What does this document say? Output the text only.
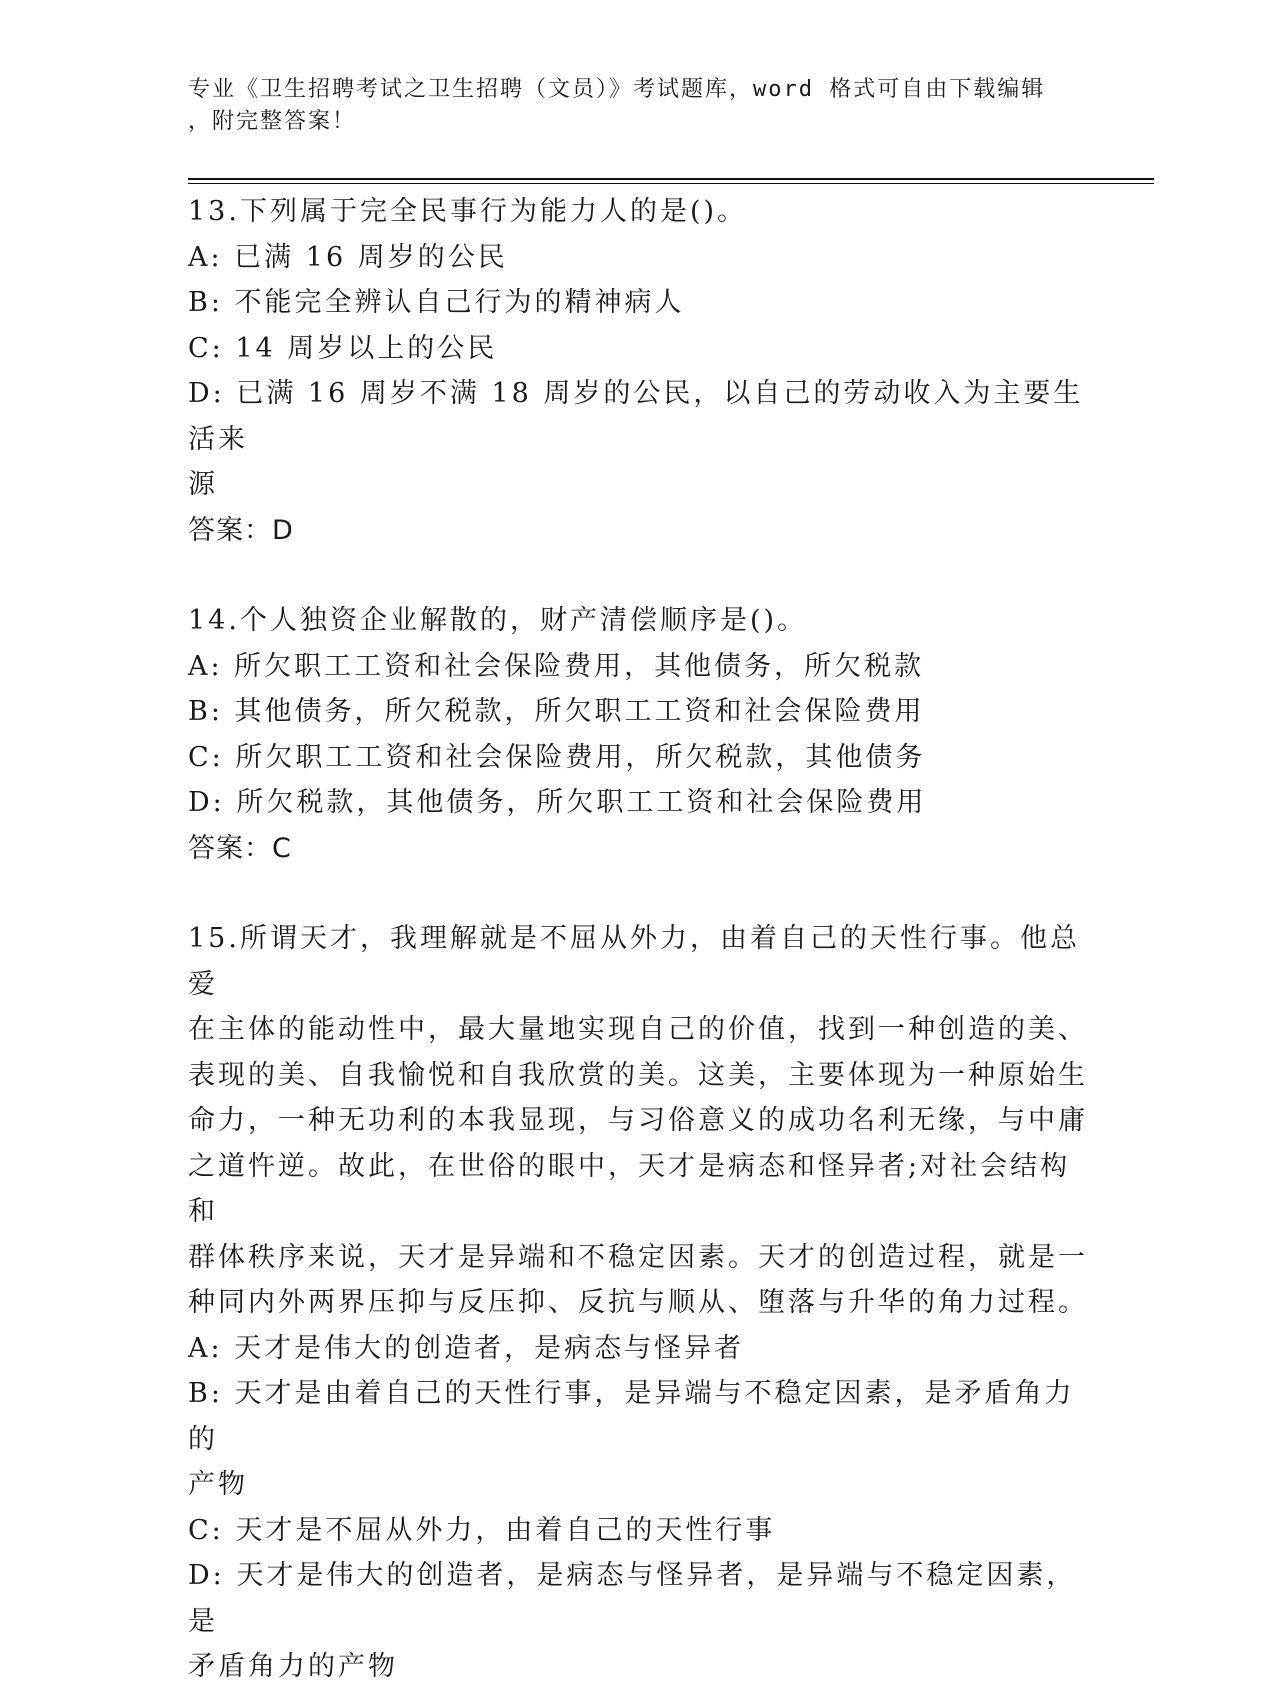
专业《卫生招聘考试之卫生招聘（文员）》考试题库，word 格式可自由下载编辑
，附完整答案！

13.下列属于完全民事行为能力人的是()。

A: 已满 16 周岁的公民

B: 不能完全辨认自己行为的精神病人

C: 14 周岁以上的公民

D: 已满 16 周岁不满 18 周岁的公民，以自己的劳动收入为主要生活来

源

答案：D

14.个人独资企业解散的，财产清偿顺序是()。

A: 所欠职工工资和社会保险费用，其他债务，所欠税款

B: 其他债务，所欠税款，所欠职工工资和社会保险费用

C: 所欠职工工资和社会保险费用，所欠税款，其他债务

D: 所欠税款，其他债务，所欠职工工资和社会保险费用

答案：C

15.所谓天才，我理解就是不屈从外力，由着自己的天性行事。他总爱

在主体的能动性中，最大量地实现自己的价值，找到一种创造的美、

表现的美、自我愉悦和自我欣赏的美。这美，主要体现为一种原始生

命力，一种无功利的本我显现，与习俗意义的成功名利无缘，与中庸

之道忤逆。故此，在世俗的眼中，天才是病态和怪异者;对社会结构和

群体秩序来说，天才是异端和不稳定因素。天才的创造过程，就是一

种同内外两界压抑与反压抑、反抗与顺从、堕落与升华的角力过程。

A: 天才是伟大的创造者，是病态与怪异者

B: 天才是由着自己的天性行事，是异端与不稳定因素，是矛盾角力的

产物

C: 天才是不屈从外力，由着自己的天性行事

D: 天才是伟大的创造者，是病态与怪异者，是异端与不稳定因素，是

矛盾角力的产物
